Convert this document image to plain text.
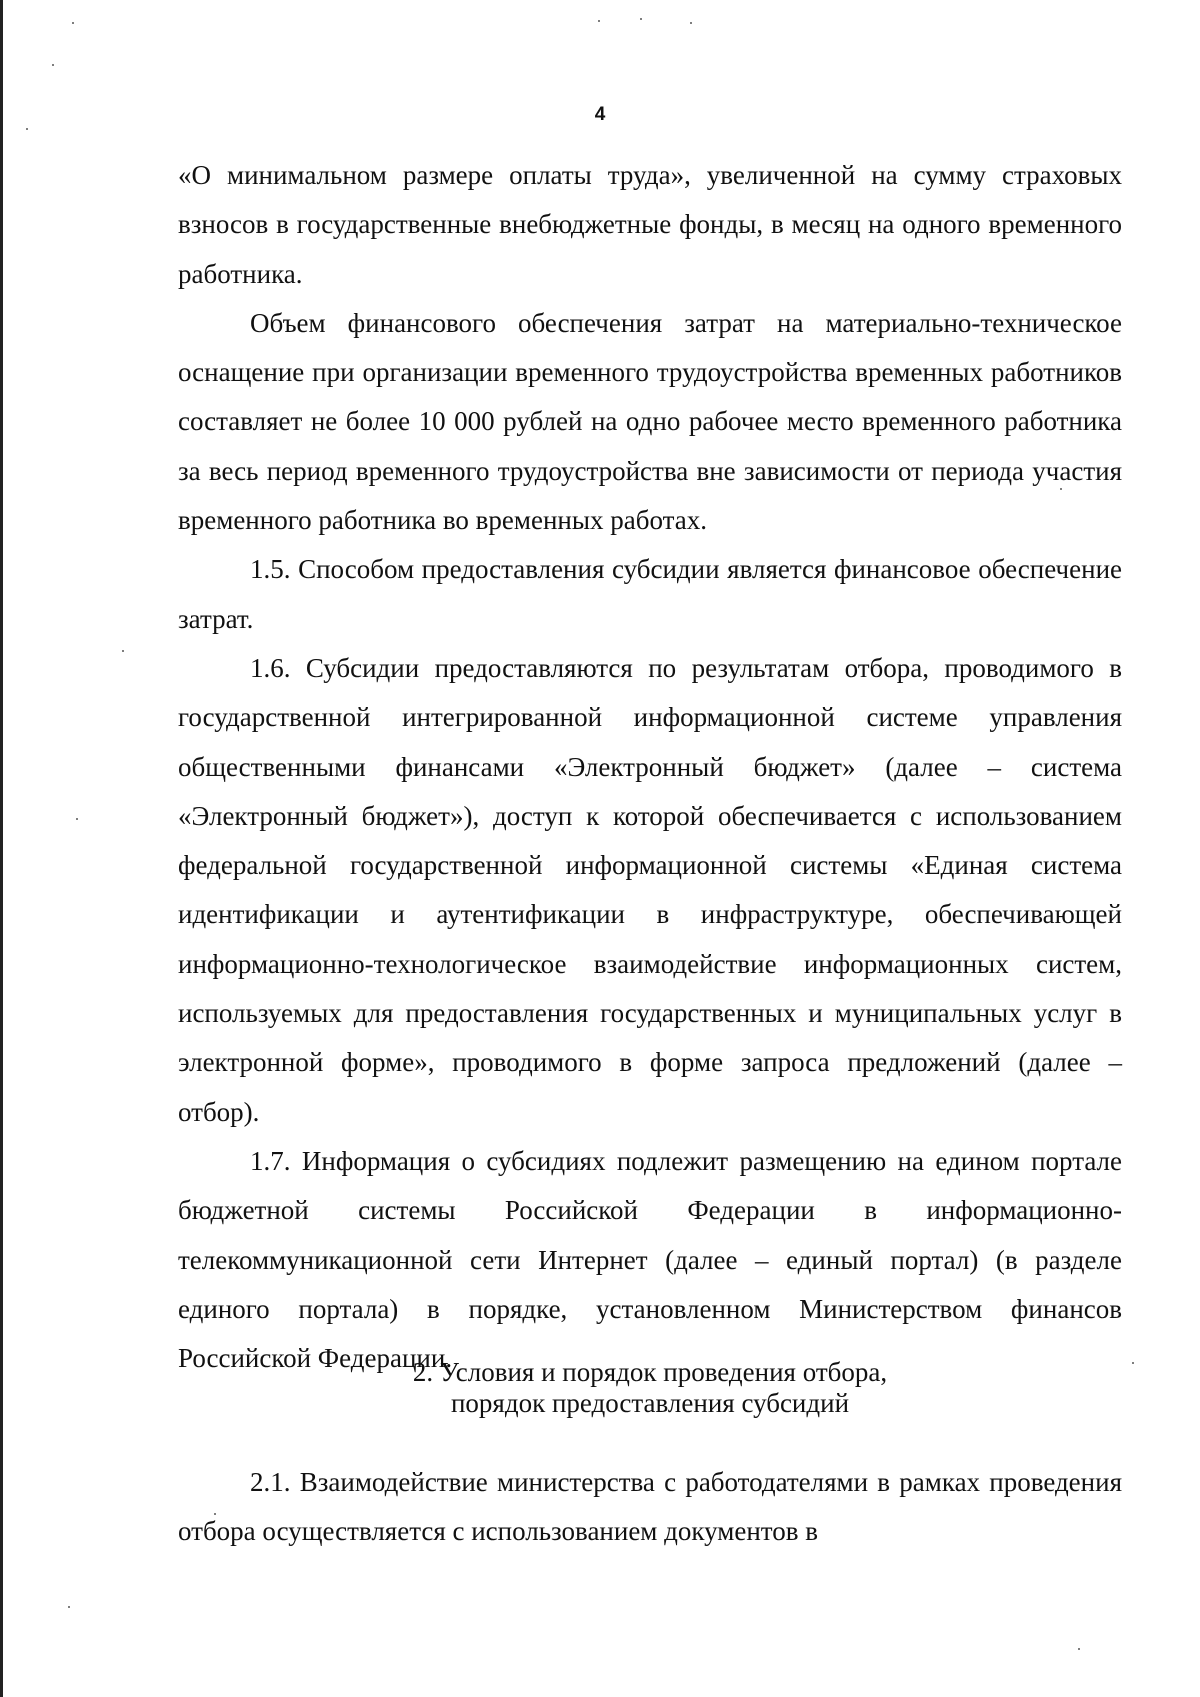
4

«О минимальном размере оплаты труда», увеличенной на сумму страховых взносов в государственные внебюджетные фонды, в месяц на одного временного работника.

Объем финансового обеспечения затрат на материально-техническое оснащение при организации временного трудоустройства временных работников составляет не более 10 000 рублей на одно рабочее место временного работника за весь период временного трудоустройства вне зависимости от периода участия временного работника во временных работах.

1.5. Способом предоставления субсидии является финансовое обеспечение затрат.

1.6. Субсидии предоставляются по результатам отбора, проводимого в государственной интегрированной информационной системе управления общественными финансами «Электронный бюджет» (далее – система «Электронный бюджет»), доступ к которой обеспечивается с использованием федеральной государственной информационной системы «Единая система идентификации и аутентификации в инфраструктуре, обеспечивающей информационно-технологическое взаимодействие информационных систем, используемых для предоставления государственных и муниципальных услуг в электронной форме», проводимого в форме запроса предложений (далее – отбор).

1.7. Информация о субсидиях подлежит размещению на едином портале бюджетной системы Российской Федерации в информационно-телекоммуникационной сети Интернет (далее – единый портал) (в разделе единого портала) в порядке, установленном Министерством финансов Российской Федерации.

2. Условия и порядок проведения отбора,
порядок предоставления субсидий

2.1. Взаимодействие министерства с работодателями в рамках проведения отбора осуществляется с использованием документов в
